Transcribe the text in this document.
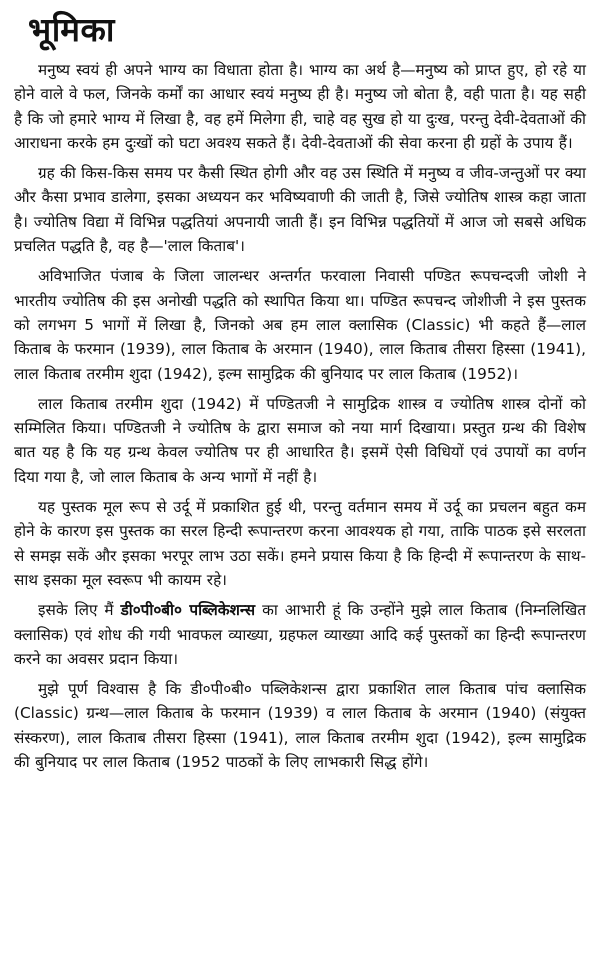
भूमिका

मनुष्य स्वयं ही अपने भाग्य का विधाता होता है। भाग्य का अर्थ है—मनुष्य को प्राप्त हुए, हो रहे या होने वाले वे फल, जिनके कर्मों का आधार स्वयं मनुष्य ही है। मनुष्य जो बोता है, वही पाता है। यह सही है कि जो हमारे भाग्य में लिखा है, वह हमें मिलेगा ही, चाहे वह सुख हो या दुःख, परन्तु देवी-देवताओं की आराधना करके हम दुःखों को घटा अवश्य सकते हैं। देवी-देवताओं की सेवा करना ही ग्रहों के उपाय हैं।

ग्रह की किस-किस समय पर कैसी स्थित होगी और वह उस स्थिति में मनुष्य व जीव-जन्तुओं पर क्या और कैसा प्रभाव डालेगा, इसका अध्ययन कर भविष्यवाणी की जाती है, जिसे ज्योतिष शास्त्र कहा जाता है। ज्योतिष विद्या में विभिन्न पद्धतियां अपनायी जाती हैं। इन विभिन्न पद्धतियों में आज जो सबसे अधिक प्रचलित पद्धति है, वह है—'लाल किताब'।

अविभाजित पंजाब के जिला जालन्धर अन्तर्गत फरवाला निवासी पण्डित रूपचन्दजी जोशी ने भारतीय ज्योतिष की इस अनोखी पद्धति को स्थापित किया था। पण्डित रूपचन्द जोशीजी ने इस पुस्तक को लगभग 5 भागों में लिखा है, जिनको अब हम लाल क्लासिक (Classic) भी कहते हैं—लाल किताब के फरमान (1939), लाल किताब के अरमान (1940), लाल किताब तीसरा हिस्सा (1941), लाल किताब तरमीम शुदा (1942), इल्म सामुद्रिक की बुनियाद पर लाल किताब (1952)।

लाल किताब तरमीम शुदा (1942) में पण्डितजी ने सामुद्रिक शास्त्र व ज्योतिष शास्त्र दोनों को सम्मिलित किया। पण्डितजी ने ज्योतिष के द्वारा समाज को नया मार्ग दिखाया। प्रस्तुत ग्रन्थ की विशेष बात यह है कि यह ग्रन्थ केवल ज्योतिष पर ही आधारित है। इसमें ऐसी विधियों एवं उपायों का वर्णन दिया गया है, जो लाल किताब के अन्य भागों में नहीं है।

यह पुस्तक मूल रूप से उर्दू में प्रकाशित हुई थी, परन्तु वर्तमान समय में उर्दू का प्रचलन बहुत कम होने के कारण इस पुस्तक का सरल हिन्दी रूपान्तरण करना आवश्यक हो गया, ताकि पाठक इसे सरलता से समझ सकें और इसका भरपूर लाभ उठा सकें। हमने प्रयास किया है कि हिन्दी में रूपान्तरण के साथ-साथ इसका मूल स्वरूप भी कायम रहे।

इसके लिए मैं डी०पी०बी० पब्लिकेशन्स का आभारी हूं कि उन्होंने मुझे लाल किताब (निम्नलिखित क्लासिक) एवं शोध की गयी भावफल व्याख्या, ग्रहफल व्याख्या आदि कई पुस्तकों का हिन्दी रूपान्तरण करने का अवसर प्रदान किया।

मुझे पूर्ण विश्वास है कि डी०पी०बी० पब्लिकेशन्स द्वारा प्रकाशित लाल किताब पांच क्लासिक (Classic) ग्रन्थ—लाल किताब के फरमान (1939) व लाल किताब के अरमान (1940) (संयुक्त संस्करण), लाल किताब तीसरा हिस्सा (1941), लाल किताब तरमीम शुदा (1942), इल्म सामुद्रिक की बुनियाद पर लाल किताब (1952 पाठकों के लिए लाभकारी सिद्ध होंगे।
